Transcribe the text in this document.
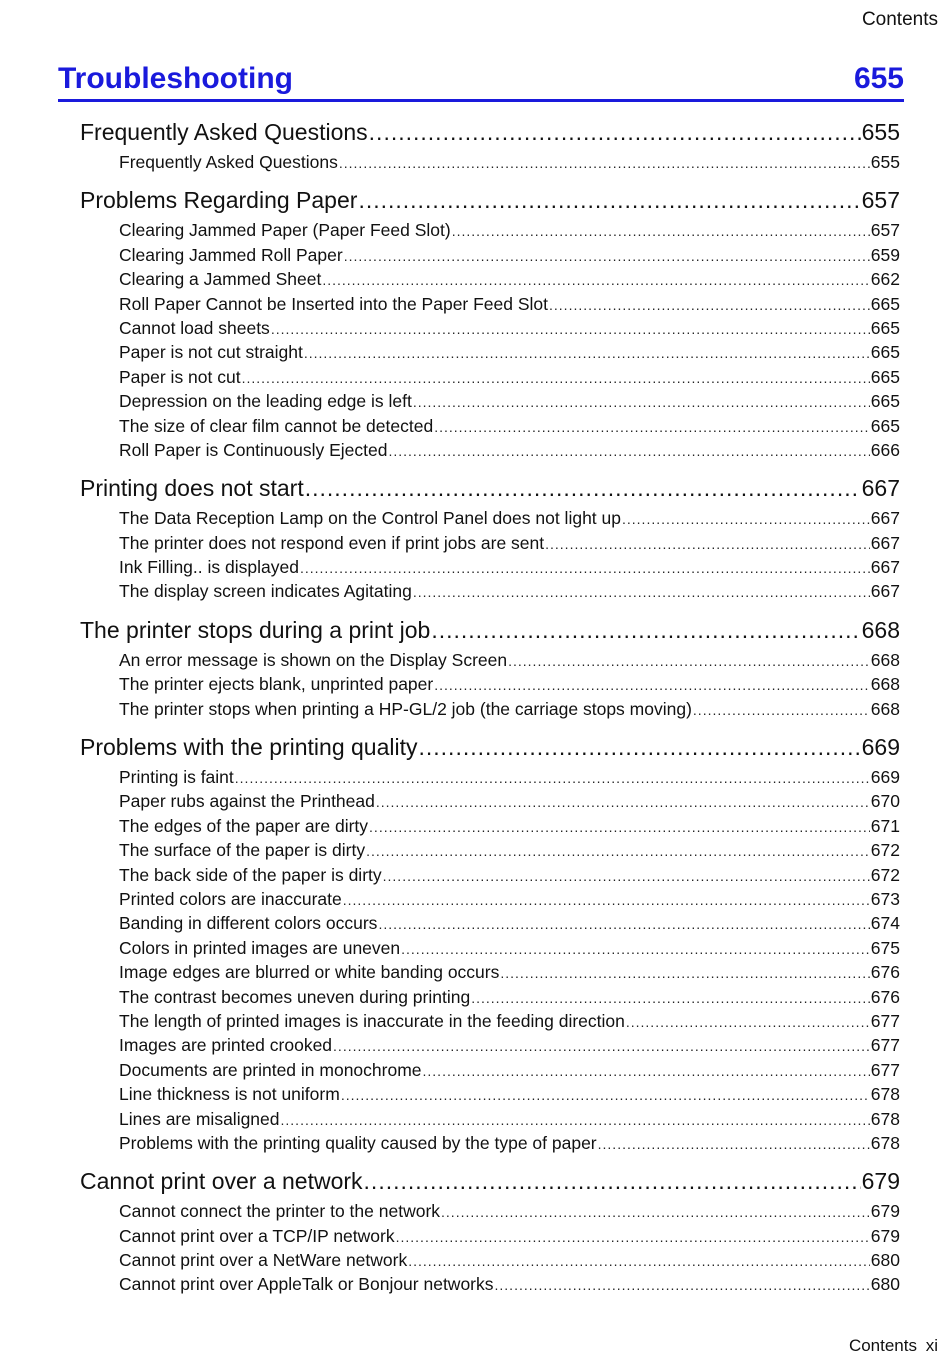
Contents
Troubleshooting	655
Frequently Asked Questions .....	655
Frequently Asked Questions .....	655
Problems Regarding Paper .....	657
Clearing Jammed Paper (Paper Feed Slot) .....	657
Clearing Jammed Roll Paper .....	659
Clearing a Jammed Sheet .....	662
Roll Paper Cannot be Inserted into the Paper Feed Slot .....	665
Cannot load sheets .....	665
Paper is not cut straight .....	665
Paper is not cut .....	665
Depression on the leading edge is left .....	665
The size of clear film cannot be detected .....	665
Roll Paper is Continuously Ejected .....	666
Printing does not start .....	667
The Data Reception Lamp on the Control Panel does not light up .....	667
The printer does not respond even if print jobs are sent .....	667
Ink Filling.. is displayed .....	667
The display screen indicates Agitating .....	667
The printer stops during a print job .....	668
An error message is shown on the Display Screen .....	668
The printer ejects blank, unprinted paper .....	668
The printer stops when printing a HP-GL/2 job (the carriage stops moving) .....	668
Problems with the printing quality .....	669
Printing is faint .....	669
Paper rubs against the Printhead .....	670
The edges of the paper are dirty .....	671
The surface of the paper is dirty .....	672
The back side of the paper is dirty .....	672
Printed colors are inaccurate .....	673
Banding in different colors occurs .....	674
Colors in printed images are uneven .....	675
Image edges are blurred or white banding occurs .....	676
The contrast becomes uneven during printing .....	676
The length of printed images is inaccurate in the feeding direction .....	677
Images are printed crooked .....	677
Documents are printed in monochrome .....	677
Line thickness is not uniform .....	678
Lines are misaligned .....	678
Problems with the printing quality caused by the type of paper .....	678
Cannot print over a network .....	679
Cannot connect the printer to the network .....	679
Cannot print over a TCP/IP network .....	679
Cannot print over a NetWare network .....	680
Cannot print over AppleTalk or Bonjour networks .....	680
Contents xi
